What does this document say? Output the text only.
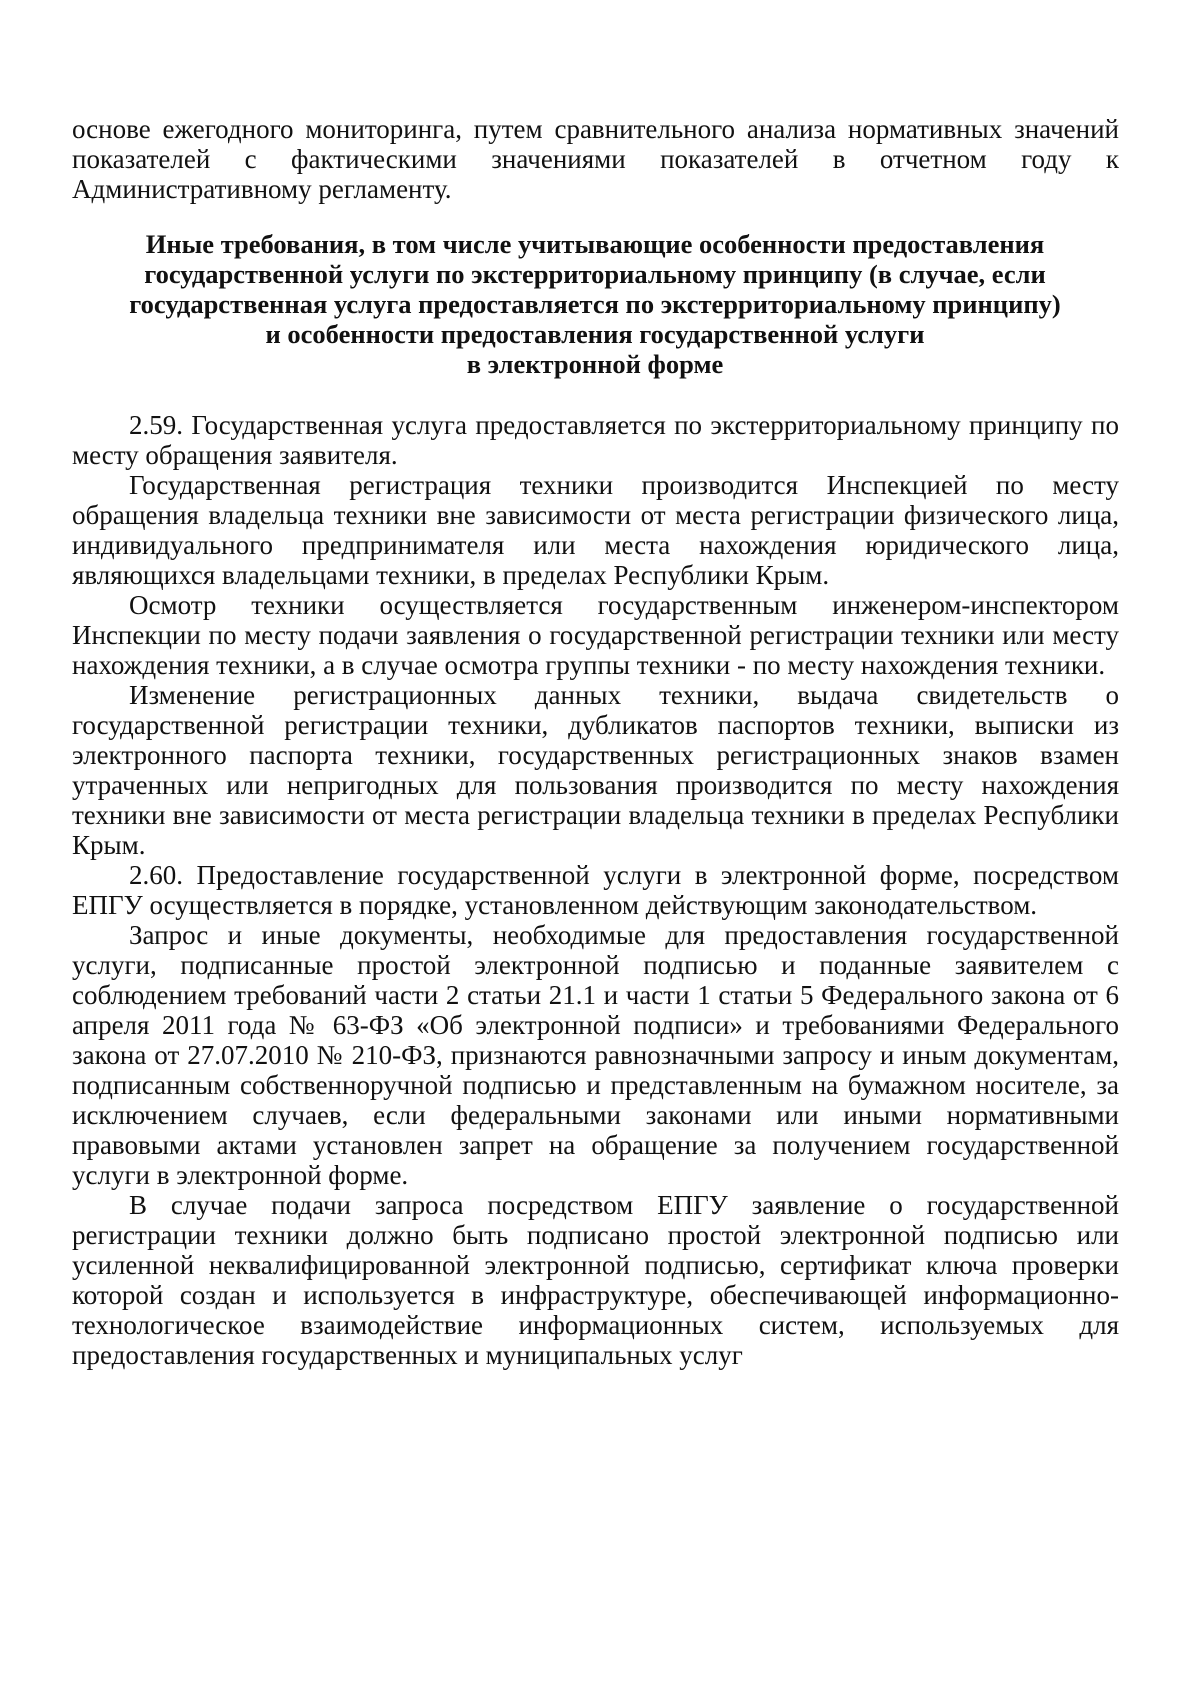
основе ежегодного мониторинга, путем сравнительного анализа нормативных значений показателей с фактическими значениями показателей в отчетном году к Административному регламенту.

Иные требования, в том числе учитывающие особенности предоставления
государственной услуги по экстерриториальному принципу (в случае, если
государственная услуга предоставляется по экстерриториальному принципу)
и особенности предоставления государственной услуги
в электронной форме

2.59. Государственная услуга предоставляется по экстерриториальному принципу по месту обращения заявителя.

Государственная регистрация техники производится Инспекцией по месту обращения владельца техники вне зависимости от места регистрации физического лица, индивидуального предпринимателя или места нахождения юридического лица, являющихся владельцами техники, в пределах Республики Крым.

Осмотр техники осуществляется государственным инженером-инспектором Инспекции по месту подачи заявления о государственной регистрации техники или месту нахождения техники, а в случае осмотра группы техники - по месту нахождения техники.

Изменение регистрационных данных техники, выдача свидетельств о государственной регистрации техники, дубликатов паспортов техники, выписки из электронного паспорта техники, государственных регистрационных знаков взамен утраченных или непригодных для пользования производится по месту нахождения техники вне зависимости от места регистрации владельца техники в пределах Республики Крым.

2.60. Предоставление государственной услуги в электронной форме, посредством ЕПГУ осуществляется в порядке, установленном действующим законодательством.

Запрос и иные документы, необходимые для предоставления государственной услуги, подписанные простой электронной подписью и поданные заявителем с соблюдением требований части 2 статьи 21.1 и части 1 статьи 5 Федерального закона от 6 апреля 2011 года № 63-ФЗ «Об электронной подписи» и требованиями Федерального закона от 27.07.2010 № 210-ФЗ, признаются равнозначными запросу и иным документам, подписанным собственноручной подписью и представленным на бумажном носителе, за исключением случаев, если федеральными законами или иными нормативными правовыми актами установлен запрет на обращение за получением государственной услуги в электронной форме.

В случае подачи запроса посредством ЕПГУ заявление о государственной регистрации техники должно быть подписано простой электронной подписью или усиленной неквалифицированной электронной подписью, сертификат ключа проверки которой создан и используется в инфраструктуре, обеспечивающей информационно-технологическое взаимодействие информационных систем, используемых для предоставления государственных и муниципальных услуг
